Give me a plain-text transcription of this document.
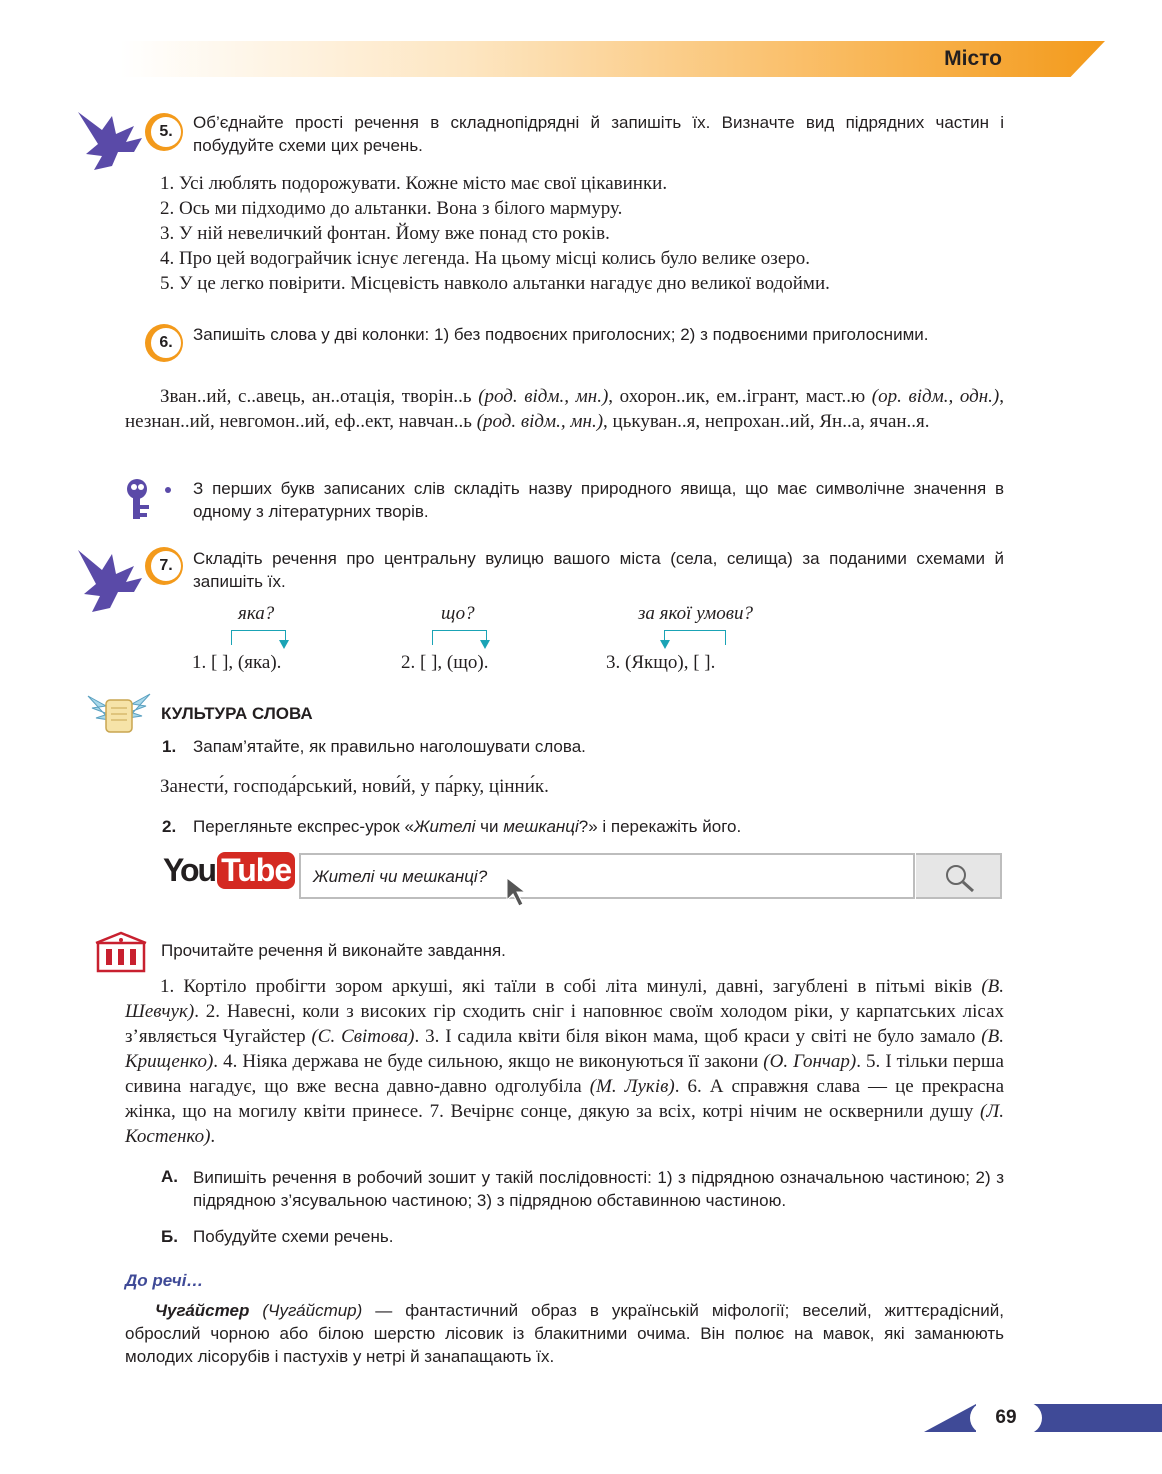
Місто
5.	Об’єднайте прості речення в складнопідрядні й запишіть їх. Визначте вид підрядних частин і побудуйте схеми цих речень.
1. Усі люблять подорожувати. Кожне місто має свої цікавинки.
2. Ось ми підходимо до альтанки. Вона з білого мармуру.
3. У ній невеличкий фонтан. Йому вже понад сто років.
4. Про цей водограйчик існує легенда. На цьому місці колись було велике озеро.
5. У це легко повірити. Місцевість навколо альтанки нагадує дно великої водойми.
6.	Запишіть слова у дві колонки: 1) без подвоєних приголосних; 2) з подвоєними приголосними.
Зван..ий, с..авець, ан..отація, творін..ь (род. відм., мн.), охорон..ик, ем..ігрант, маст..ю (ор. відм., одн.), незнан..ий, невгомон..ий, еф..ект, навчан..ь (род. відм., мн.), цькуван..я, непрохан..ий, Ян..а, ячан..я.
З перших букв записаних слів складіть назву природного явища, що має символічне значення в одному з літературних творів.
7.	Складіть речення про центральну вулицю вашого міста (села, селища) за поданими схемами й запишіть їх.
яка?
1. [ ], (яка).
що?
2. [ ], (що).
за якої умови?
3. (Якщо), [ ].
КУЛЬТУРА СЛОВА
1. Запам’ятайте, як правильно наголошувати слова.
Занести́, господа́рський, нови́й, у па́рку, цінни́к.
2. Перегляньте експрес-урок «Жителі чи мешканці?» і перекажіть його.
You Tube Жителі чи мешканці?
Прочитайте речення й виконайте завдання.
1. Кортіло пробігти зором аркуші, які таїли в собі літа минулі, давні, загублені в пітьмі віків (В. Шевчук). 2. Навесні, коли з високих гір сходить сніг і наповнює своїм холодом ріки, у карпатських лісах з’являється Чугайстер (С. Світова). 3. І садила квіти біля вікон мама, щоб краси у світі не було замало (В. Крищенко). 4. Ніяка держава не буде сильною, якщо не виконуються її закони (О. Гончар). 5. І тільки перша сивина нагадує, що вже весна давно-давно одголубіла (М. Луків). 6. А справжня слава — це прекрасна жінка, що на могилу квіти принесе. 7. Вечірнє сонце, дякую за всіх, котрі нічим не осквернили душу (Л. Костенко).
А. Випишіть речення в робочий зошит у такій послідовності: 1) з підрядною означальною частиною; 2) з підрядною з’ясувальною частиною; 3) з підрядною обставинною частиною.
Б. Побудуйте схеми речень.
До речі…
Чуга́йстер (Чуга́йстир) — фантастичний образ в українській міфології; веселий, життєрадісний, оброслий чорною або білою шерстю лісовик із блакитними очима. Він полює на мавок, які заманюють молодих лісорубів і пастухів у нетрі й занапащають їх.
69
